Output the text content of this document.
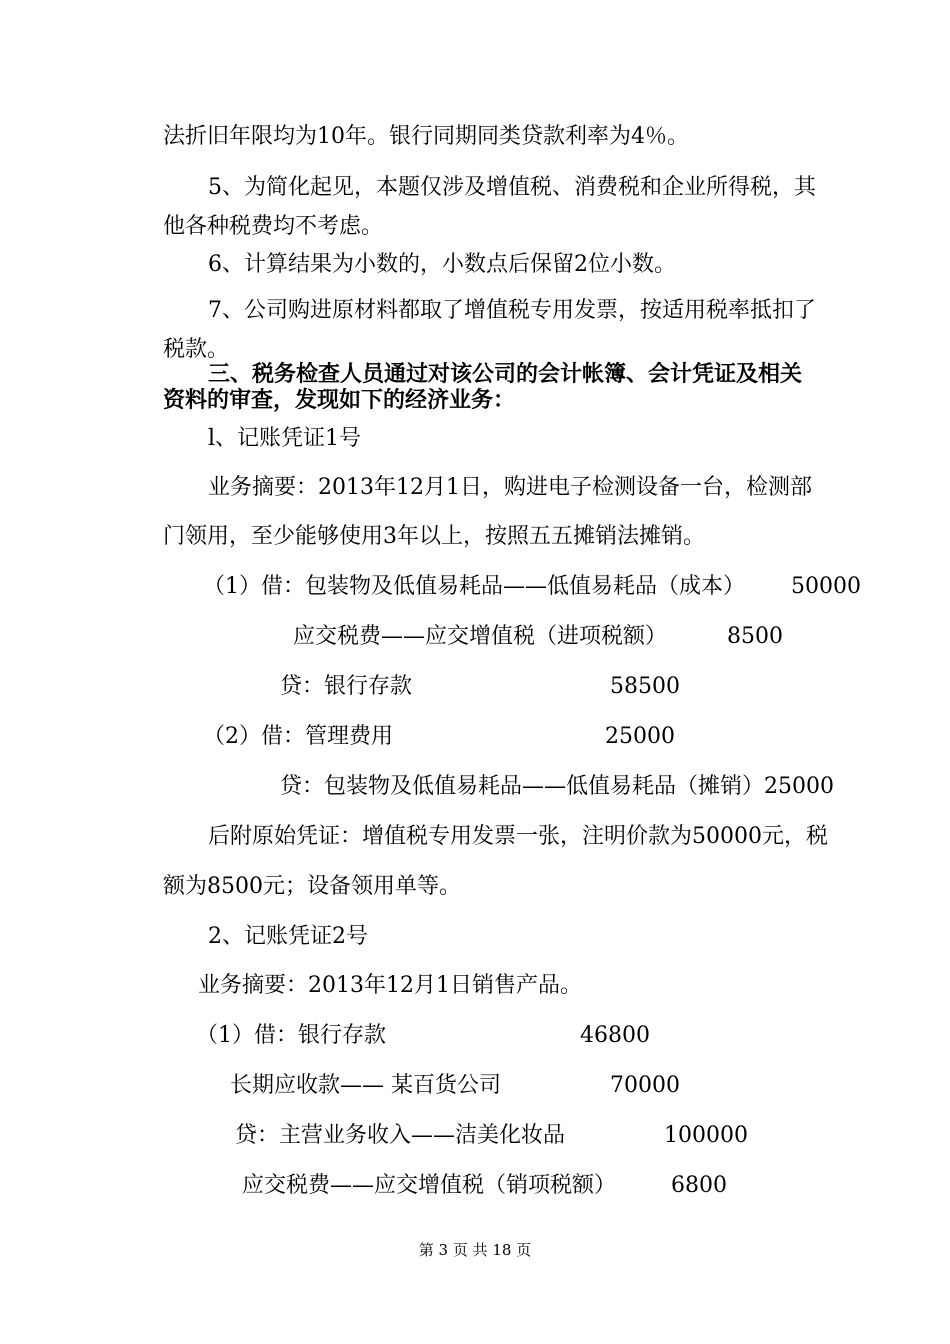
法折旧年限均为10年。银行同期同类贷款利率为4％。
5、为简化起见，本题仅涉及增值税、消费税和企业所得税，其
他各种税费均不考虑。
6、计算结果为小数的，小数点后保留2位小数。
7、公司购进原材料都取了增值税专用发票，按适用税率抵扣了
税款。
三、税务检查人员通过对该公司的会计帐簿、会计凭证及相关
资料的审查，发现如下的经济业务：
l、记账凭证1号
业务摘要：2013年12月1日，购进电子检测设备一台，检测部
门领用，至少能够使用3年以上，按照五五摊销法摊销。
（1）借：包装物及低值易耗品——低值易耗品（成本） 50000
应交税费——应交增值税（进项税额）	8500
贷：银行存款	58500
（2）借：管理费用	25000
贷：包装物及低值易耗品——低值易耗品（摊销）25000
后附原始凭证：增值税专用发票一张，注明价款为50000元，税
额为8500元；设备领用单等。
2、记账凭证2号
业务摘要：2013年12月1日销售产品。
（1）借：银行存款	46800
长期应收款—— 某百货公司	70000
贷：主营业务收入——洁美化妆品	100000
应交税费——应交增值税（销项税额） 6800
第 3 页 共 18 页
